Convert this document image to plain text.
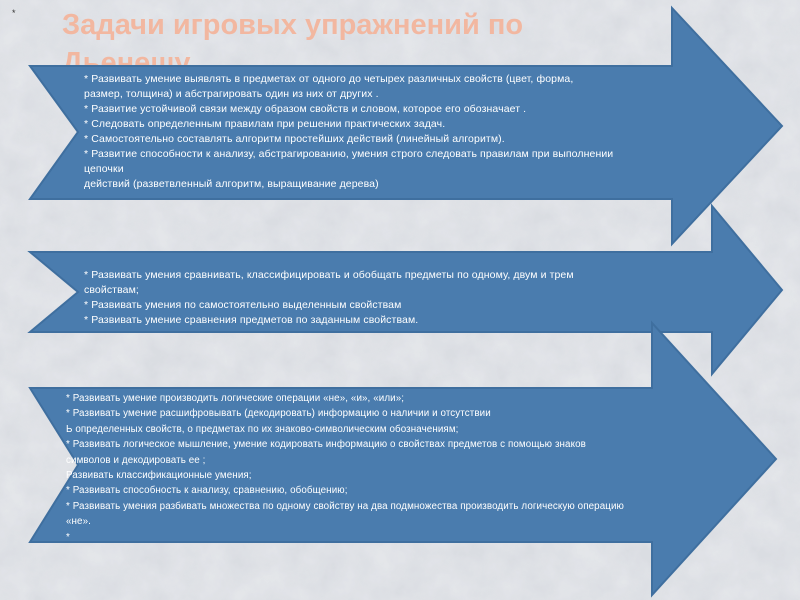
* Задачи игровых упражнений по Дьенешу
* Развивать умение выявлять в предметах от одного до четырех различных свойств (цвет, форма,
размер, толщина) и абстрагировать один из них от других .
* Развитие устойчивой связи между образом свойств и словом, которое его обозначает .
* Следовать определенным правилам при решении практических задач.
* Самостоятельно составлять алгоритм простейших действий (линейный алгоритм).
* Развитие способности к анализу, абстрагированию, умения строго следовать правилам при выполнении
цепочки
действий (разветвленный алгоритм, выращивание дерева)
* Развивать умения сравнивать, классифицировать и обобщать предметы по одному, двум и трем
свойствам;
* Развивать умения по самостоятельно выделенным свойствам
* Развивать умение сравнения предметов по заданным свойствам.
* Развивать умение производить логические операции «не», «и», «или»;
* Развивать умение расшифровывать (декодировать) информацию о наличии и отсутствии
Ь определенных свойств, о предметах по их знаково-символическим обозначениям;
* Развивать логическое мышление, умение кодировать информацию о свойствах предметов с помощью знаков
символов и декодировать ее ;
Развивать классификационные умения;
* Развивать способность к анализу, сравнению, обобщению;
* Развивать умения разбивать множества по одному свойству на два подмножества производить логическую операцию
«не».
*
